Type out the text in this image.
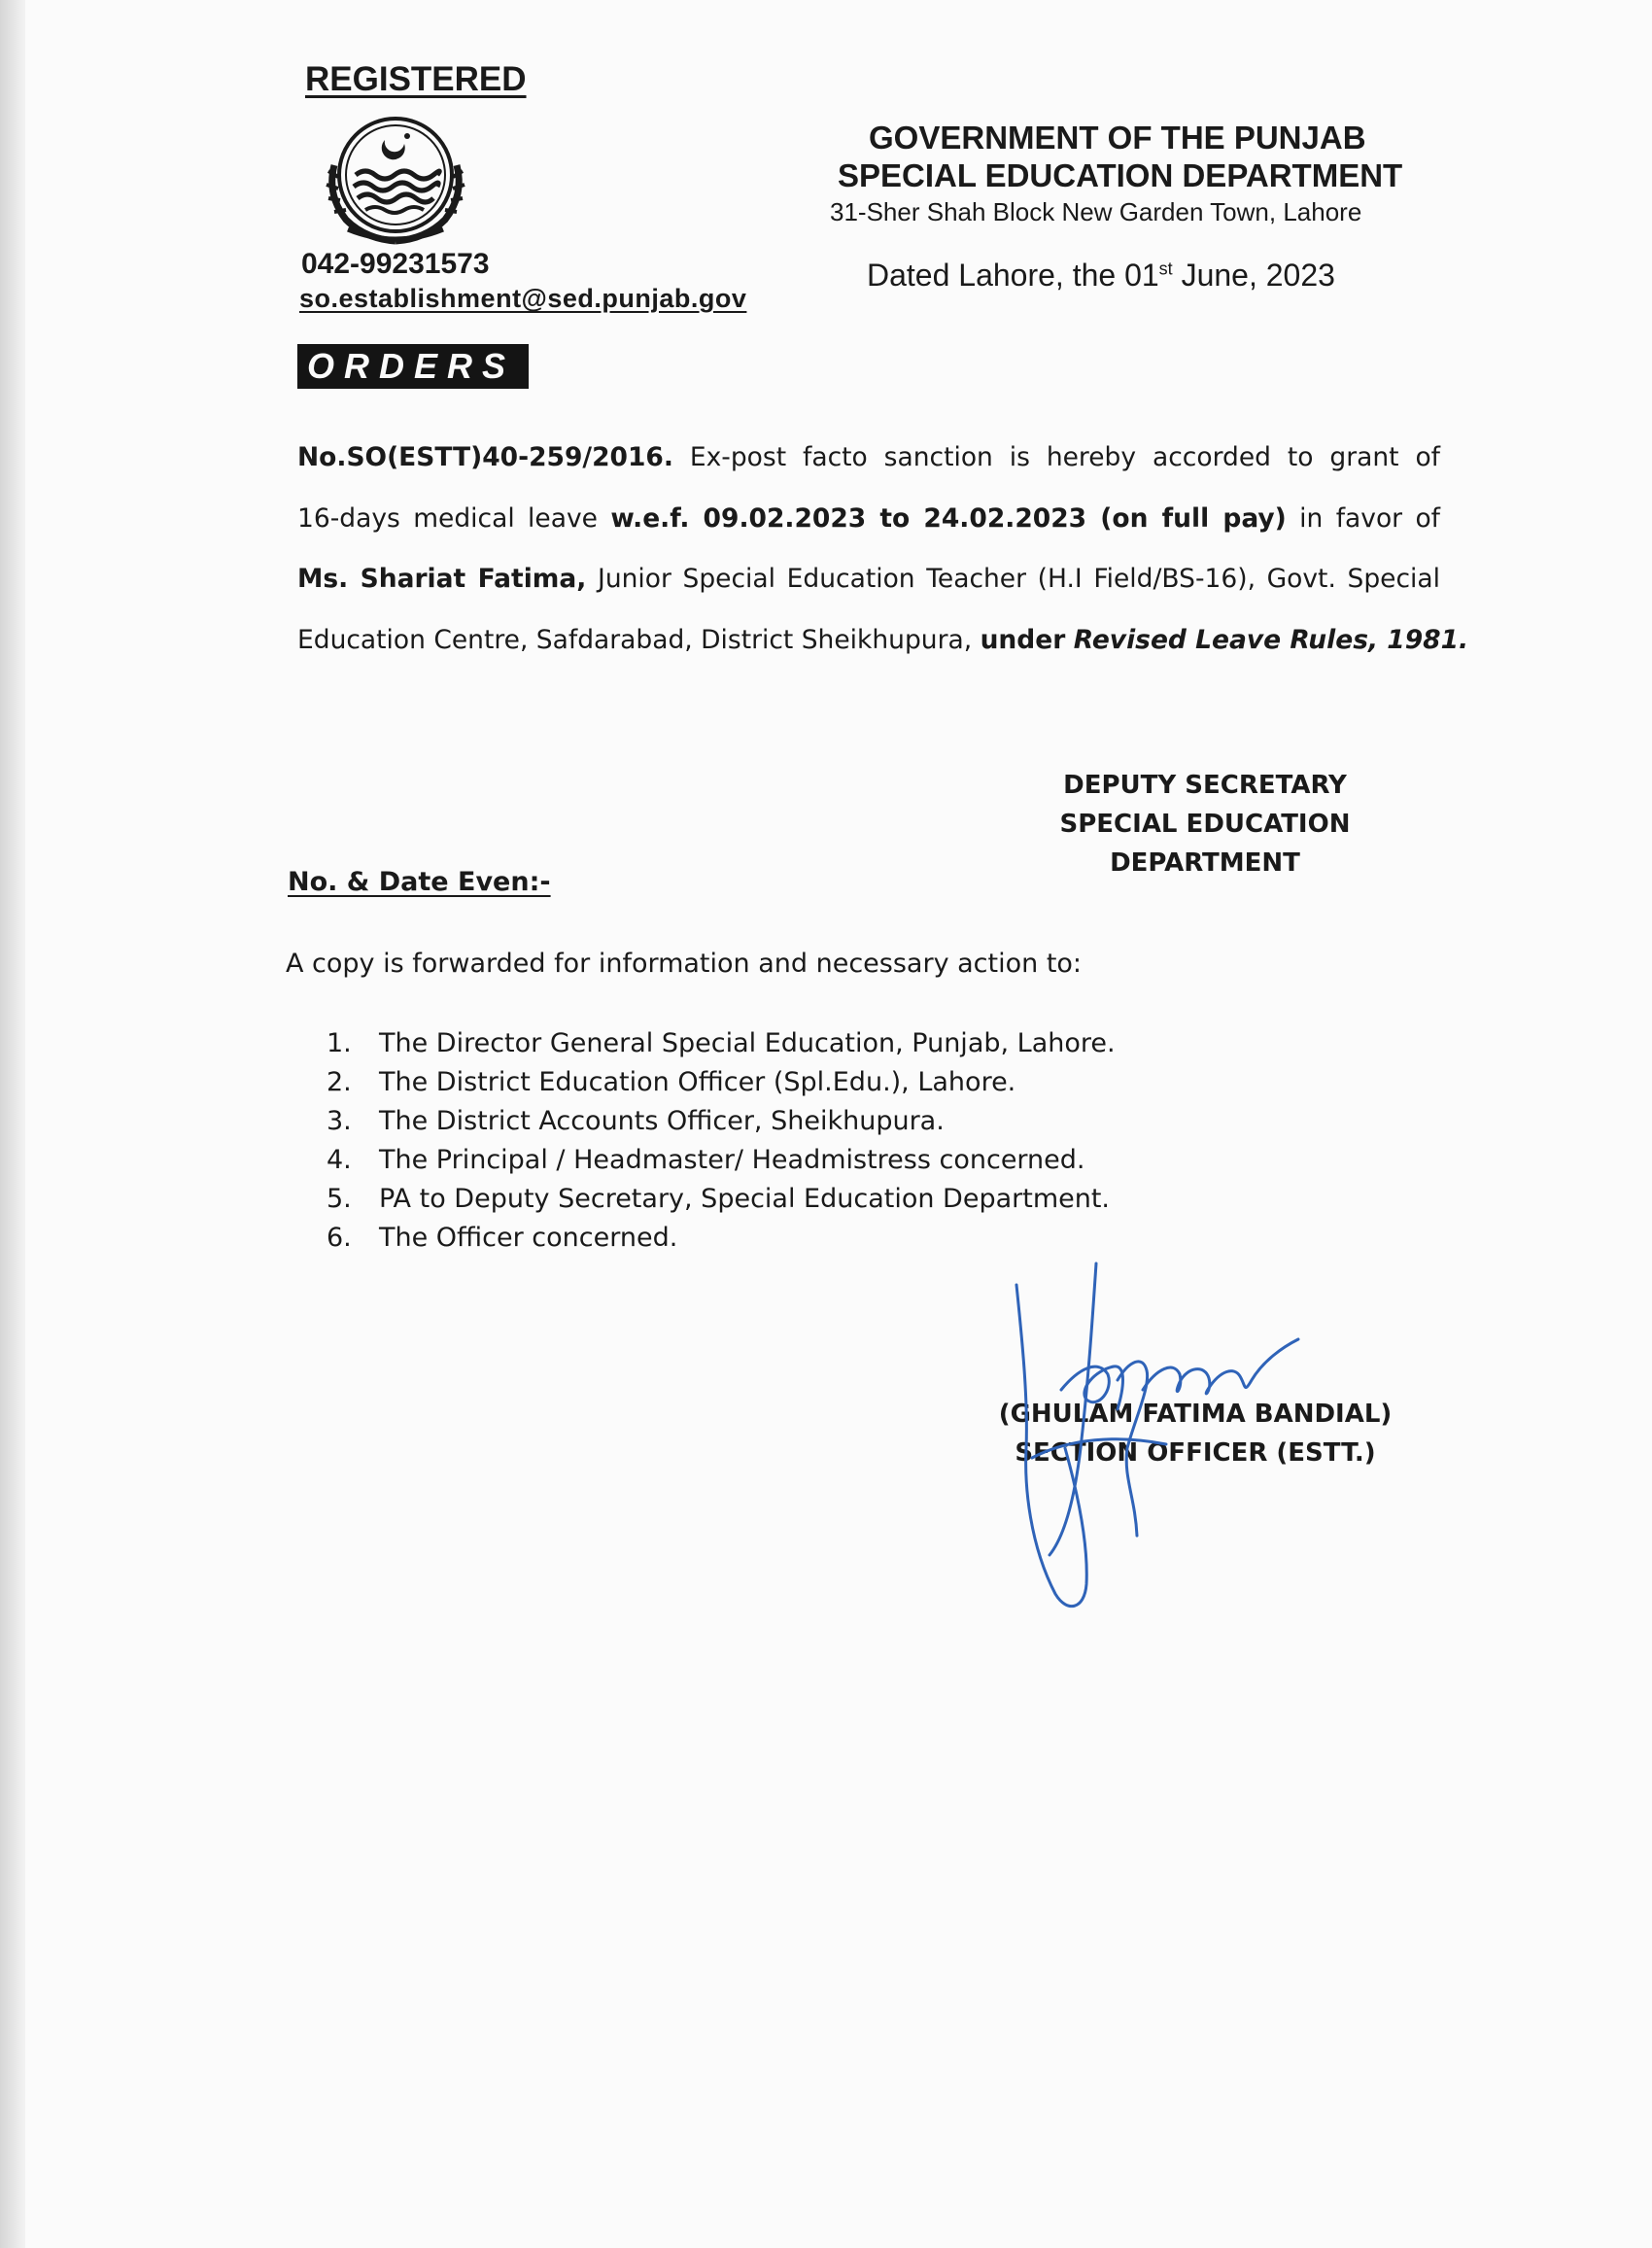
REGISTERED
042-99231573
so.establishment@sed.punjab.gov
GOVERNMENT OF THE PUNJAB
SPECIAL EDUCATION DEPARTMENT
31-Sher Shah Block New Garden Town, Lahore
Dated Lahore, the 01st June, 2023
ORDERS
No.SO(ESTT)40-259/2016. Ex-post facto sanction is hereby accorded to grant of
16-days medical leave w.e.f. 09.02.2023 to 24.02.2023 (on full pay) in favor of
Ms. Shariat Fatima, Junior Special Education Teacher (H.I Field/BS-16), Govt. Special
Education Centre, Safdarabad, District Sheikhupura, under Revised Leave Rules, 1981.
DEPUTY SECRETARY
SPECIAL EDUCATION
DEPARTMENT
No. & Date Even:-
A copy is forwarded for information and necessary action to:
1. The Director General Special Education, Punjab, Lahore.
2. The District Education Officer (Spl.Edu.), Lahore.
3. The District Accounts Officer, Sheikhupura.
4. The Principal / Headmaster/ Headmistress concerned.
5. PA to Deputy Secretary, Special Education Department.
6. The Officer concerned.
(GHULAM FATIMA BANDIAL)
SECTION OFFICER (ESTT.)
